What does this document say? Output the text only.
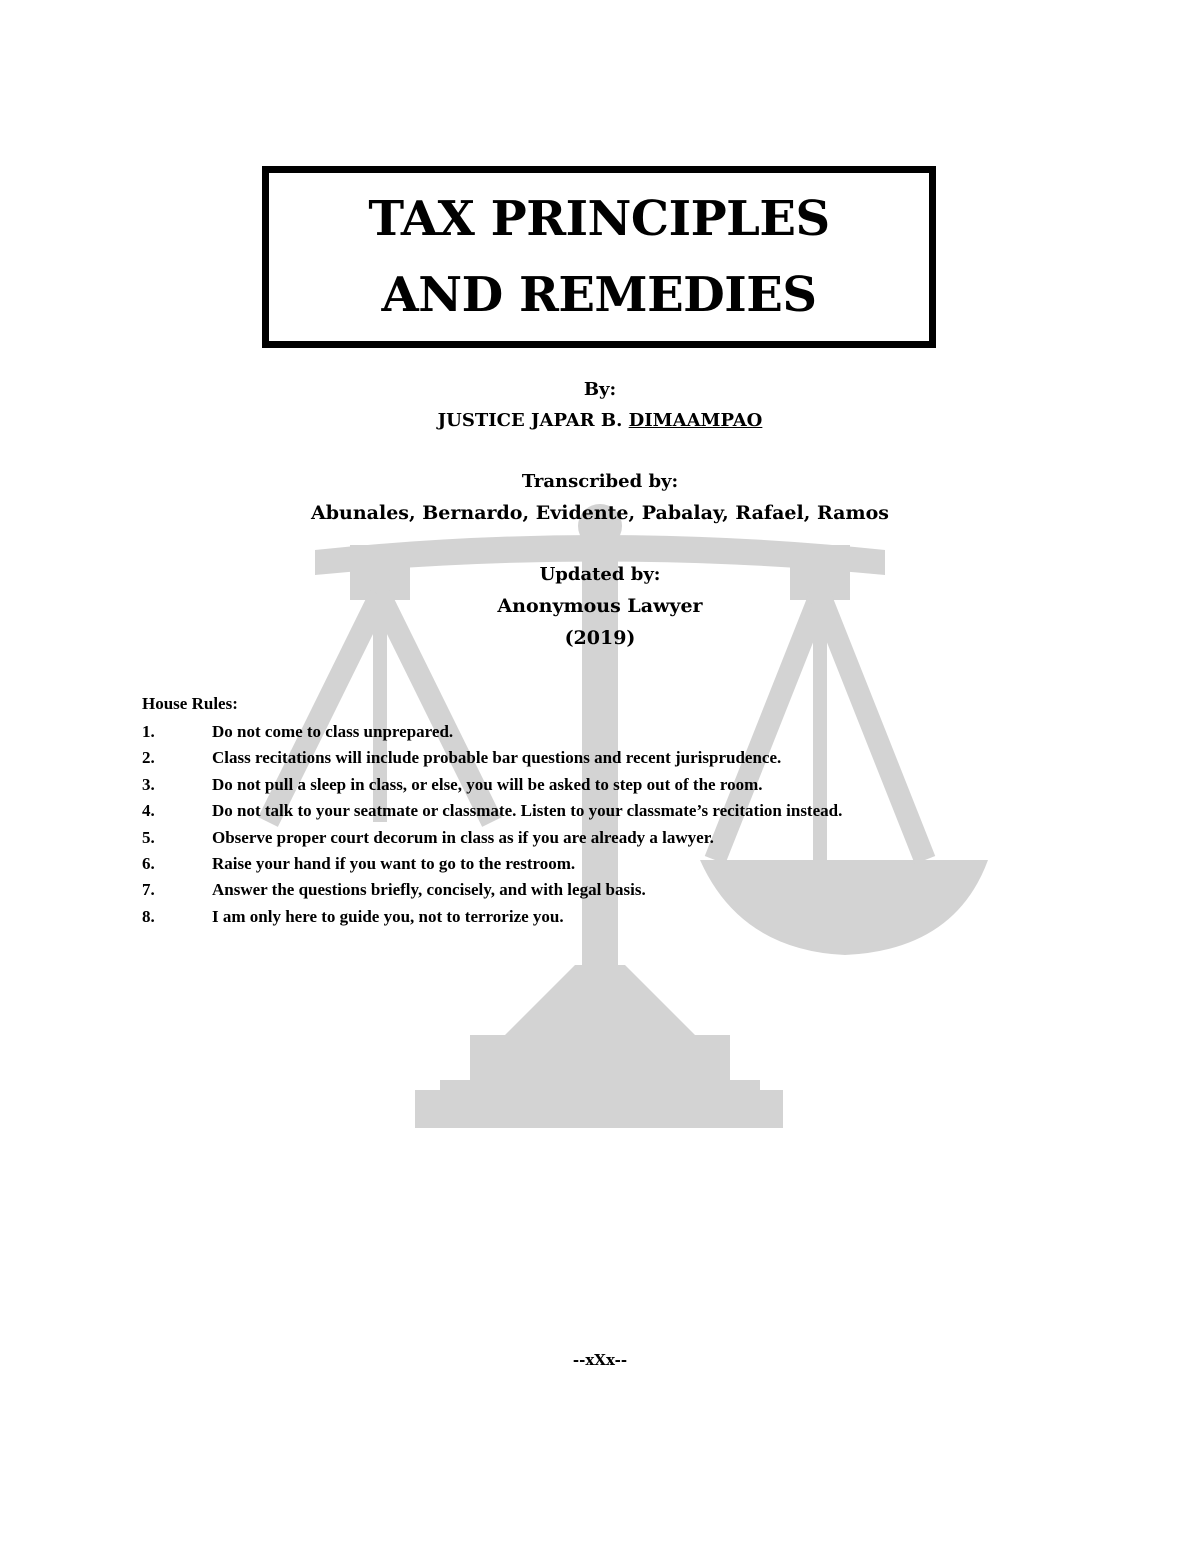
TAX PRINCIPLES
AND REMEDIES
By:
JUSTICE JAPAR B. DIMAAMPAO
Transcribed by:
Abunales, Bernardo, Evidente, Pabalay, Rafael, Ramos
Updated by:
Anonymous Lawyer
(2019)
House Rules:
1.	Do not come to class unprepared.
2.	Class recitations will include probable bar questions and recent jurisprudence.
3.	Do not pull a sleep in class, or else, you will be asked to step out of the room.
4.	Do not talk to your seatmate or classmate. Listen to your classmate’s recitation instead.
5.	Observe proper court decorum in class as if you are already a lawyer.
6.	Raise your hand if you want to go to the restroom.
7.	Answer the questions briefly, concisely, and with legal basis.
8.	I am only here to guide you, not to terrorize you.
--xXx--
